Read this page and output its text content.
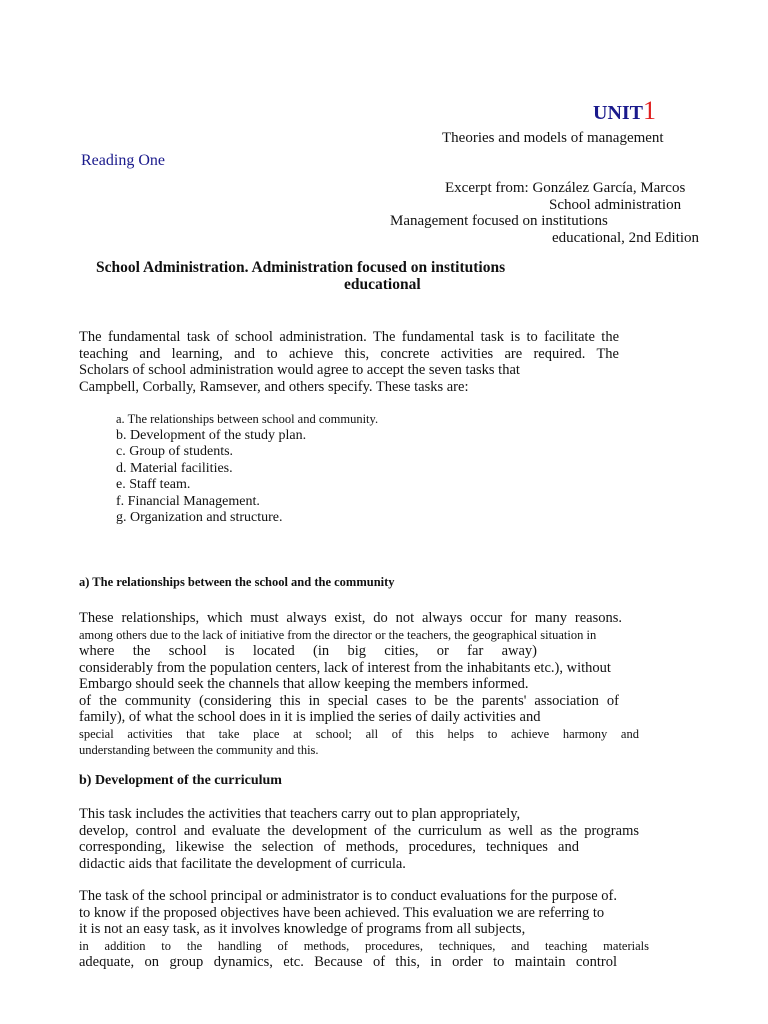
UNIT1
Theories and models of management
Reading One
Excerpt from: González García, Marcos
School administration
Management focused on institutions
educational, 2nd Edition
School Administration. Administration focused on institutions
educational
The fundamental task of school administration. The fundamental task is to facilitate the
teaching and learning, and to achieve this, concrete activities are required. The
Scholars of school administration would agree to accept the seven tasks that
Campbell, Corbally, Ramsever, and others specify. These tasks are:
a. The relationships between school and community.
b. Development of the study plan.
c. Group of students.
d. Material facilities.
e. Staff team.
f. Financial Management.
g. Organization and structure.
a) The relationships between the school and the community
These relationships, which must always exist, do not always occur for many reasons.
among others due to the lack of initiative from the director or the teachers, the geographical situation in
where the school is located (in big cities, or far away)
considerably from the population centers, lack of interest from the inhabitants etc.), without
Embargo should seek the channels that allow keeping the members informed.
of the community (considering this in special cases to be the parents' association of
family), of what the school does in it is implied the series of daily activities and
special activities that take place at school; all of this helps to achieve harmony and
understanding between the community and this.
b) Development of the curriculum
This task includes the activities that teachers carry out to plan appropriately,
develop, control and evaluate the development of the curriculum as well as the programs
corresponding, likewise the selection of methods, procedures, techniques and
didactic aids that facilitate the development of curricula.
The task of the school principal or administrator is to conduct evaluations for the purpose of.
to know if the proposed objectives have been achieved. This evaluation we are referring to
it is not an easy task, as it involves knowledge of programs from all subjects,
in addition to the handling of methods, procedures, techniques, and teaching materials
adequate, on group dynamics, etc. Because of this, in order to maintain control
